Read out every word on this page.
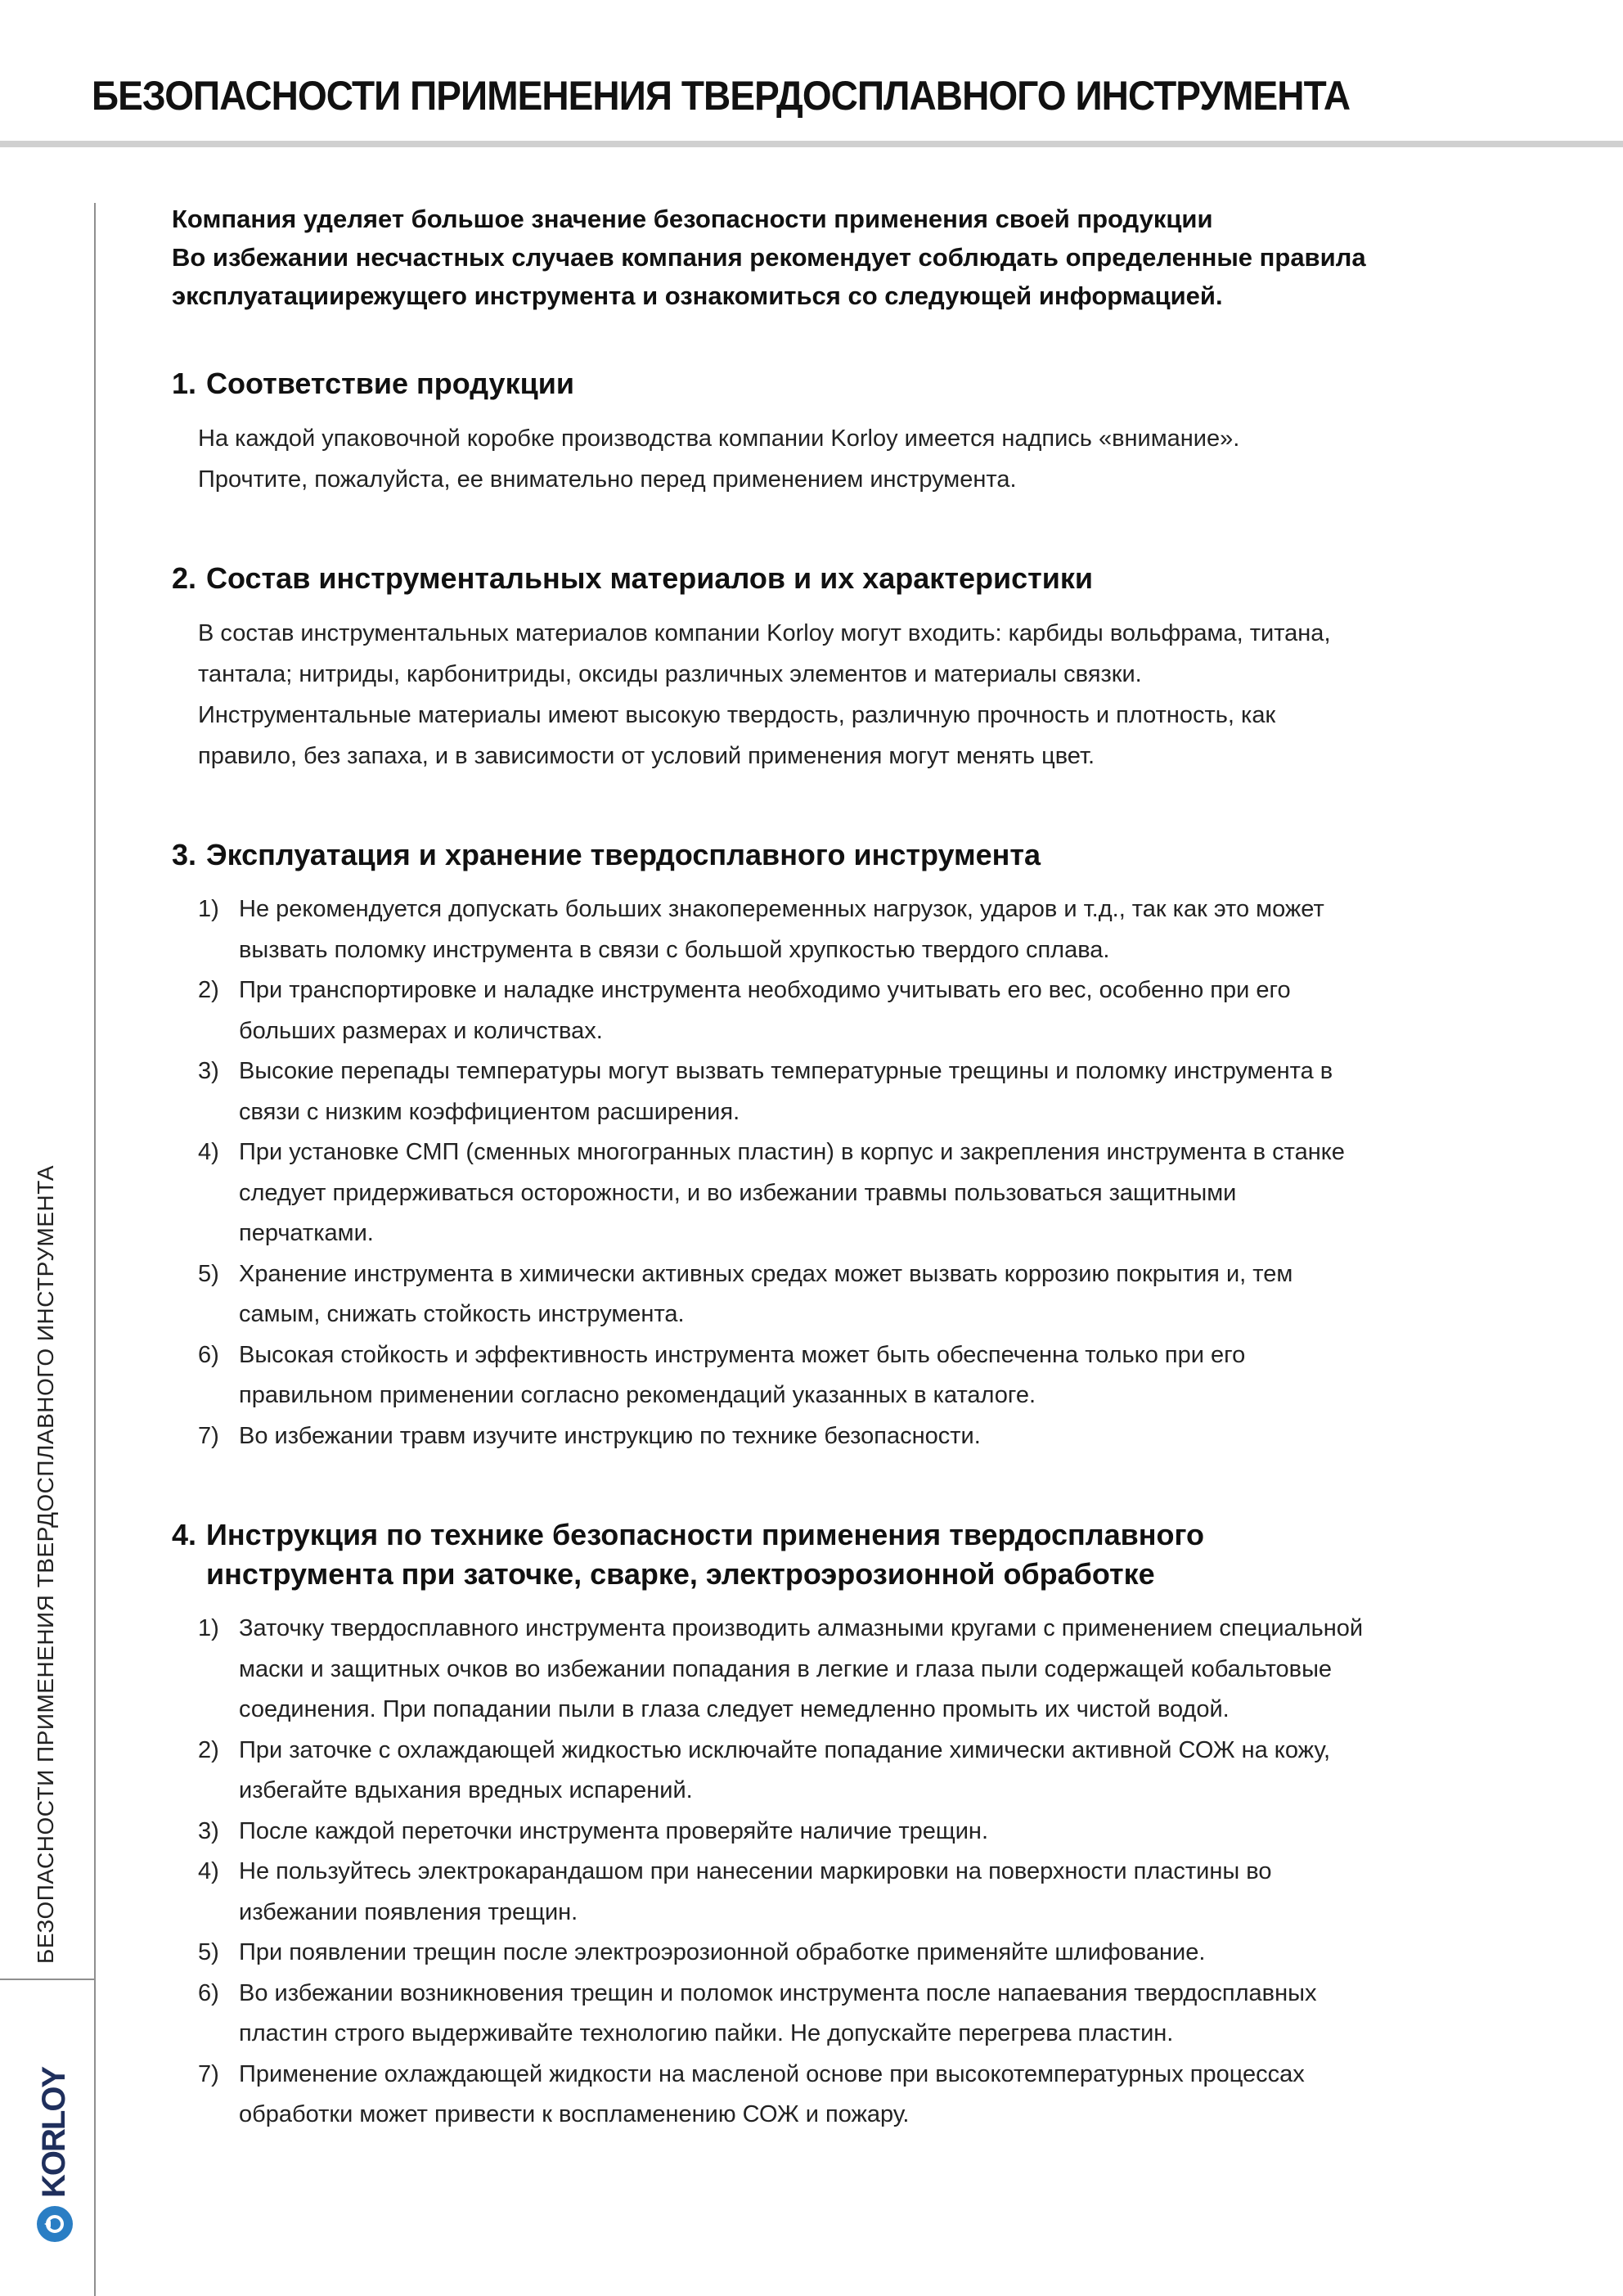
БЕЗОПАСНОСТИ ПРИМЕНЕНИЯ ТВЕРДОСПЛАВНОГО ИНСТРУМЕНТА
БЕЗОПАСНОСТИ ПРИМЕНЕНИЯ ТВЕРДОСПЛАВНОГО ИНСТРУМЕНТА
KORLOY

Компания уделяет большое значение безопасности применения своей продукции

Во избежании несчастных случаев компания рекомендует соблюдать определенные правила

эксплуатациирежущего инструмента и ознакомиться со следующей информацией.

1. Соответствие продукции

На каждой упаковочной коробке производства компании Korloy имеется надпись «внимание».

Прочтите, пожалуйста, ее внимательно перед применением инструмента.

2. Состав инструментальных материалов и их характеристики

В состав инструментальных материалов компании Korloy могут входить: карбиды вольфрама, титана,

тантала; нитриды, карбонитриды, оксиды различных элементов и материалы связки.

Инструментальные материалы имеют высокую твердость, различную прочность и плотность, как

правило, без запаха, и в зависимости от условий применения могут менять цвет.

3. Эксплуатация и хранение твердосплавного инструмента
1) Не рекомендуется допускать больших знакопеременных нагрузок, ударов и т.д., так как это может
вызвать поломку инструмента в связи с большой хрупкостью твердого сплава.
2) При транспортировке и наладке инструмента необходимо учитывать его вес, особенно при его
больших размерах и количствах.
3) Высокие перепады температуры могут вызвать температурные трещины и поломку инструмента в
связи с низким коэффициентом расширения.
4) При установке СМП (сменных многогранных пластин) в корпус и закрепления инструмента в станке
следует придерживаться осторожности, и во избежании травмы пользоваться защитными
перчатками.
5) Хранение инструмента в химически активных средах может вызвать коррозию покрытия и, тем
самым, снижать стойкость инструмента.
6) Высокая стойкость и эффективность инструмента может быть обеспеченна только при его
правильном применении согласно рекомендаций указанных в каталоге.
7) Во избежании травм изучите инструкцию по технике безопасности.
4. Инструкция по технике безопасности применения твердосплавного
инструмента при заточке, сварке, электроэрозионной обработке
1) Заточку твердосплавного инструмента производить алмазными кругами с применением специальной
маски и защитных очков во избежании попадания в легкие и глаза пыли содержащей кобальтовые
соединения. При попадании пыли в глаза следует немедленно промыть их чистой водой.
2) При заточке с охлаждающей жидкостью исключайте попадание химически активной СОЖ на кожу,
избегайте вдыхания вредных испарений.
3) После каждой переточки инструмента проверяйте наличие трещин.
4) Не пользуйтесь электрокарандашом при нанесении маркировки на поверхности пластины во
избежании появления трещин.
5) При появлении трещин после электроэрозионной обработке применяйте шлифование.
6) Во избежании возникновения трещин и поломок инструмента после напаевания твердосплавных
пластин строго выдерживайте технологию пайки. Не допускайте перегрева пластин.
7) Применение охлаждающей жидкости на масленой основе при высокотемпературных процессах
обработки может привести к воспламенению СОЖ и пожару.
